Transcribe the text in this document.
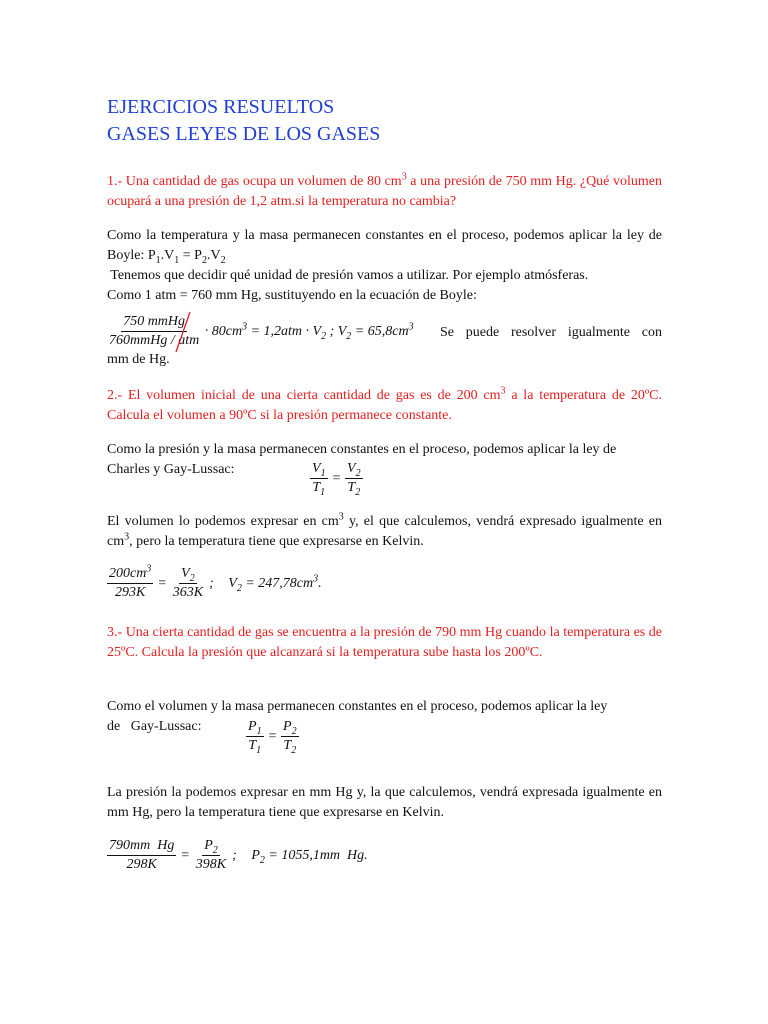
EJERCICIOS RESUELTOS
GASES LEYES DE LOS GASES

1.- Una cantidad de gas ocupa un volumen de 80 $cm^3$ a una presión de 750 mm Hg. ¿Qué volumen ocupará a una presión de 1,2 atm.si la temperatura no cambia?

Como la temperatura y la masa permanecen constantes en el proceso, podemos aplicar la ley de Boyle: $P_1.V_1 = P_2.V_2$

Tenemos que decidir qué unidad de presión vamos a utilizar. Por ejemplo atmósferas.

Como 1 atm = 760 mm Hg, sustituyendo en la ecuación de Boyle:

$\frac{\text{750 mmHg}}{\text{760mmHg / atm}} \cdot 80cm^3 = 1,2atm \cdot V_2$ ; $V_2 = 65,8cm^3$ Se puede resolver igualmente con
mm de Hg.

2.- El volumen inicial de una cierta cantidad de gas es de 200 $cm^3$ a la temperatura de 20ºC. Calcula el volumen a 90ºC si la presión permanece constante.

Como la presión y la masa permanecen constantes en el proceso, podemos aplicar la ley de

Charles y Gay-Lussac:	$\frac{V_1}{T_1} = \frac{V_2}{T_2}$

El volumen lo podemos expresar en $cm^3$ y, el que calculemos, vendrá expresado igualmente en $cm^3$, pero la temperatura tiene que expresarse en Kelvin.

$\frac{200cm^3}{293K} = \frac{V_2}{363K}$ ; $V_2 = 247,78cm^3$.

3.- Una cierta cantidad de gas se encuentra a la presión de 790 mm Hg cuando la temperatura es de 25ºC. Calcula la presión que alcanzará si la temperatura sube hasta los 200ºC.

Como el volumen y la masa permanecen constantes en el proceso, podemos aplicar la ley

de   Gay-Lussac:	$\frac{P_1}{T_1} = \frac{P_2}{T_2}$

La presión la podemos expresar en mm Hg y, la que calculemos, vendrá expresada igualmente en mm Hg, pero la temperatura tiene que expresarse en Kelvin.

$\frac{\text{790mm  Hg}}{298K} = \frac{P_2}{398K}$ ; $P_2 = 1055,1mm$  Hg.
